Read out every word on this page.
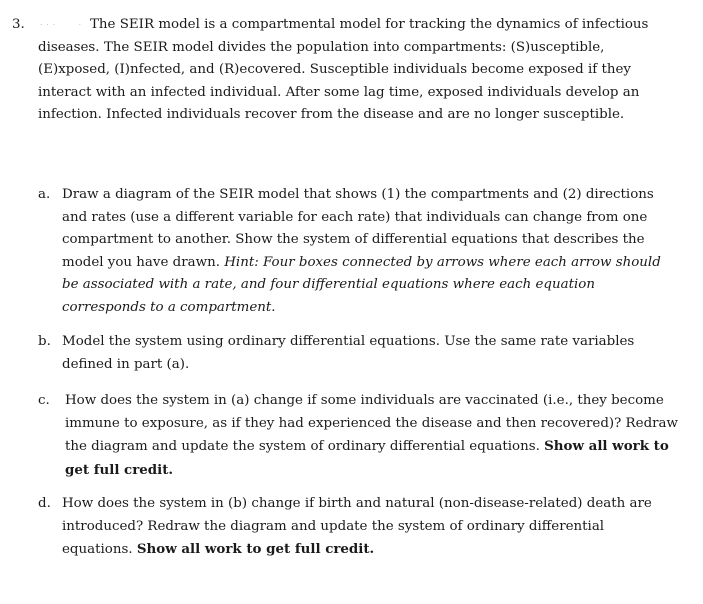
3. · · ·       · The SEIR model is a compartmental model for tracking the dynamics of infectious diseases. The SEIR model divides the population into compartments: (S)usceptible, (E)xposed, (I)nfected, and (R)ecovered. Susceptible individuals become exposed if they interact with an infected individual. After some lag time, exposed individuals develop an infection. Infected individuals recover from the disease and are no longer susceptible.

a. Draw a diagram of the SEIR model that shows (1) the compartments and (2) directions and rates (use a different variable for each rate) that individuals can change from one compartment to another. Show the system of differential equations that describes the model you have drawn. Hint: Four boxes connected by arrows where each arrow should be associated with a rate, and four differential equations where each equation corresponds to a compartment.
b. Model the system using ordinary differential equations. Use the same rate variables defined in part (a).
c. How does the system in (a) change if some individuals are vaccinated (i.e., they become immune to exposure, as if they had experienced the disease and then recovered)? Redraw the diagram and update the system of ordinary differential equations. Show all work to get full credit.
d. How does the system in (b) change if birth and natural (non-disease-related) death are introduced? Redraw the diagram and update the system of ordinary differential equations. Show all work to get full credit.
